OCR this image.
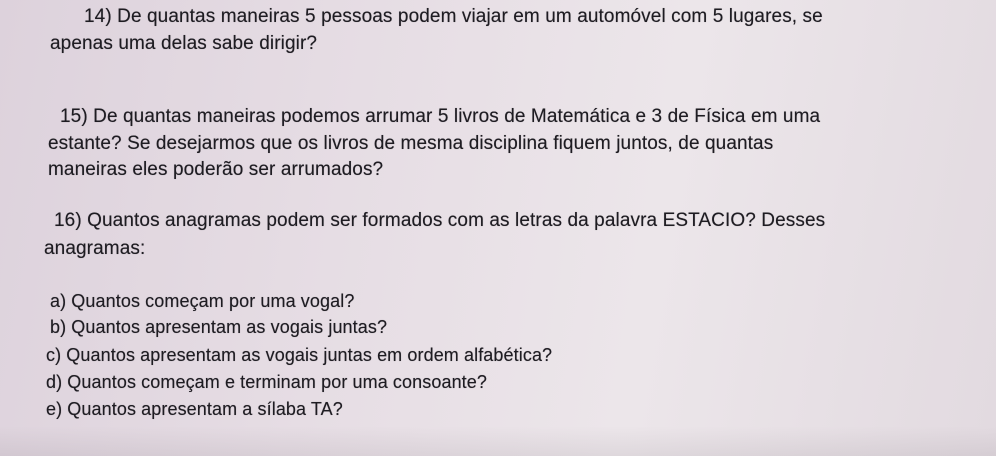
14) De quantas maneiras 5 pessoas podem viajar em um automóvel com 5 lugares, se
apenas uma delas sabe dirigir?
15) De quantas maneiras podemos arrumar 5 livros de Matemática e 3 de Física em uma
estante? Se desejarmos que os livros de mesma disciplina fiquem juntos, de quantas
maneiras eles poderão ser arrumados?
16) Quantos anagramas podem ser formados com as letras da palavra ESTACIO? Desses
anagramas:
a) Quantos começam por uma vogal?
b) Quantos apresentam as vogais juntas?
c) Quantos apresentam as vogais juntas em ordem alfabética?
d) Quantos começam e terminam por uma consoante?
e) Quantos apresentam a sílaba TA?
